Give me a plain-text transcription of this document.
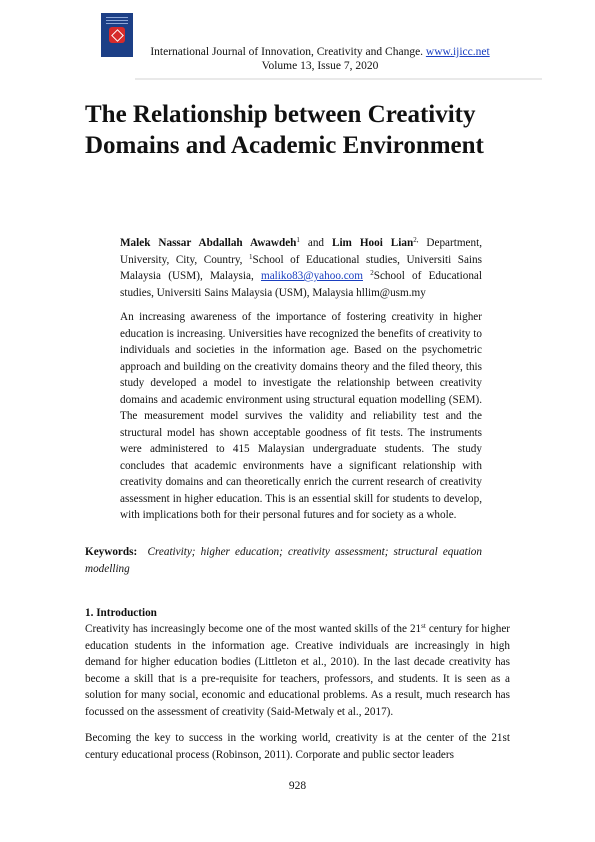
International Journal of Innovation, Creativity and Change. www.ijicc.net
Volume 13, Issue 7, 2020
The Relationship between Creativity Domains and Academic Environment
Malek Nassar Abdallah Awawdeh$^1$ and Lim Hooi Lian$^{2,}$ Department, University, City, Country, $^1$School of Educational studies, Universiti Sains Malaysia (USM), Malaysia, maliko83@yahoo.com $^2$School of Educational studies, Universiti Sains Malaysia (USM), Malaysia hllim@usm.my

An increasing awareness of the importance of fostering creativity in higher education is increasing. Universities have recognized the benefits of creativity to individuals and societies in the information age. Based on the psychometric approach and building on the creativity domains theory and the filed theory, this study developed a model to investigate the relationship between creativity domains and academic environment using structural equation modelling (SEM). The measurement model survives the validity and reliability test and the structural model has shown acceptable goodness of fit tests. The instruments were administered to 415 Malaysian undergraduate students. The study concludes that academic environments have a significant relationship with creativity domains and can theoretically enrich the current research of creativity assessment in higher education. This is an essential skill for students to develop, with implications both for their personal futures and for society as a whole.

Keywords: Creativity; higher education; creativity assessment; structural equation modelling
1. Introduction

Creativity has increasingly become one of the most wanted skills of the 21st century for higher education students in the information age. Creative individuals are increasingly in high demand for higher education bodies (Littleton et al., 2010). In the last decade creativity has become a skill that is a pre-requisite for teachers, professors, and students. It is seen as a solution for many social, economic and educational problems. As a result, much research has focussed on the assessment of creativity (Said-Metwaly et al., 2017).

Becoming the key to success in the working world, creativity is at the center of the 21st century educational process (Robinson, 2011). Corporate and public sector leaders

928
